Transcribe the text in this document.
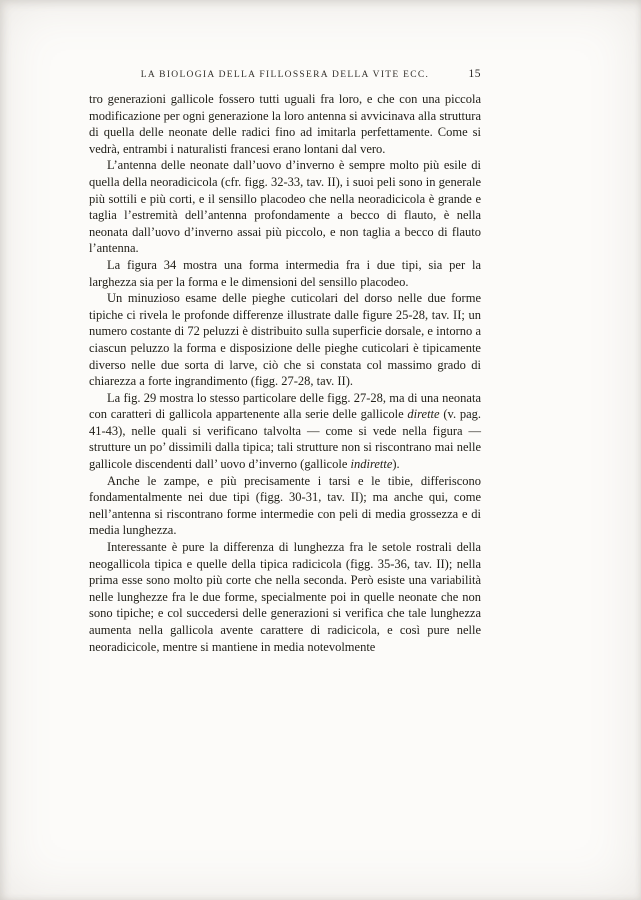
LA BIOLOGIA DELLA FILLOSSERA DELLA VITE ECC.	15

tro generazioni gallicole fossero tutti uguali fra loro, e che con una piccola modificazione per ogni generazione la loro antenna si avvicinava alla struttura di quella delle neonate delle radici fino ad imitarla perfettamente. Come si vedrà, entrambi i naturalisti francesi erano lontani dal vero.

L’antenna delle neonate dall’uovo d’inverno è sempre molto più esile di quella della neoradicicola (cfr. figg. 32-33, tav. II), i suoi peli sono in generale più sottili e più corti, e il sensillo placodeo che nella neoradicicola è grande e taglia l’estremità dell’antenna profondamente a becco di flauto, è nella neonata dall’uovo d’inverno assai più piccolo, e non taglia a becco di flauto l’antenna.

La figura 34 mostra una forma intermedia fra i due tipi, sia per la larghezza sia per la forma e le dimensioni del sensillo placodeo.

Un minuzioso esame delle pieghe cuticolari del dorso nelle due forme tipiche ci rivela le profonde differenze illustrate dalle figure 25-28, tav. II; un numero costante di 72 peluzzi è distribuito sulla superficie dorsale, e intorno a ciascun peluzzo la forma e disposizione delle pieghe cuticolari è tipicamente diverso nelle due sorta di larve, ciò che si constata col massimo grado di chiarezza a forte ingrandimento (figg. 27-28, tav. II).

La fig. 29 mostra lo stesso particolare delle figg. 27-28, ma di una neonata con caratteri di gallicola appartenente alla serie delle gallicole dirette (v. pag. 41-43), nelle quali si verificano talvolta — come si vede nella figura — strutture un po’ dissimili dalla tipica; tali strutture non si riscontrano mai nelle gallicole discendenti dall’ uovo d’inverno (gallicole indirette).

Anche le zampe, e più precisamente i tarsi e le tibie, differiscono fondamentalmente nei due tipi (figg. 30-31, tav. II); ma anche qui, come nell’antenna si riscontrano forme intermedie con peli di media grossezza e di media lunghezza.

Interessante è pure la differenza di lunghezza fra le setole rostrali della neogallicola tipica e quelle della tipica radicicola (figg. 35-36, tav. II); nella prima esse sono molto più corte che nella seconda. Però esiste una variabilità nelle lunghezze fra le due forme, specialmente poi in quelle neonate che non sono tipiche; e col succedersi delle generazioni si verifica che tale lunghezza aumenta nella gallicola avente carattere di radicicola, e così pure nelle neoradicicole, mentre si mantiene in media notevolmente
